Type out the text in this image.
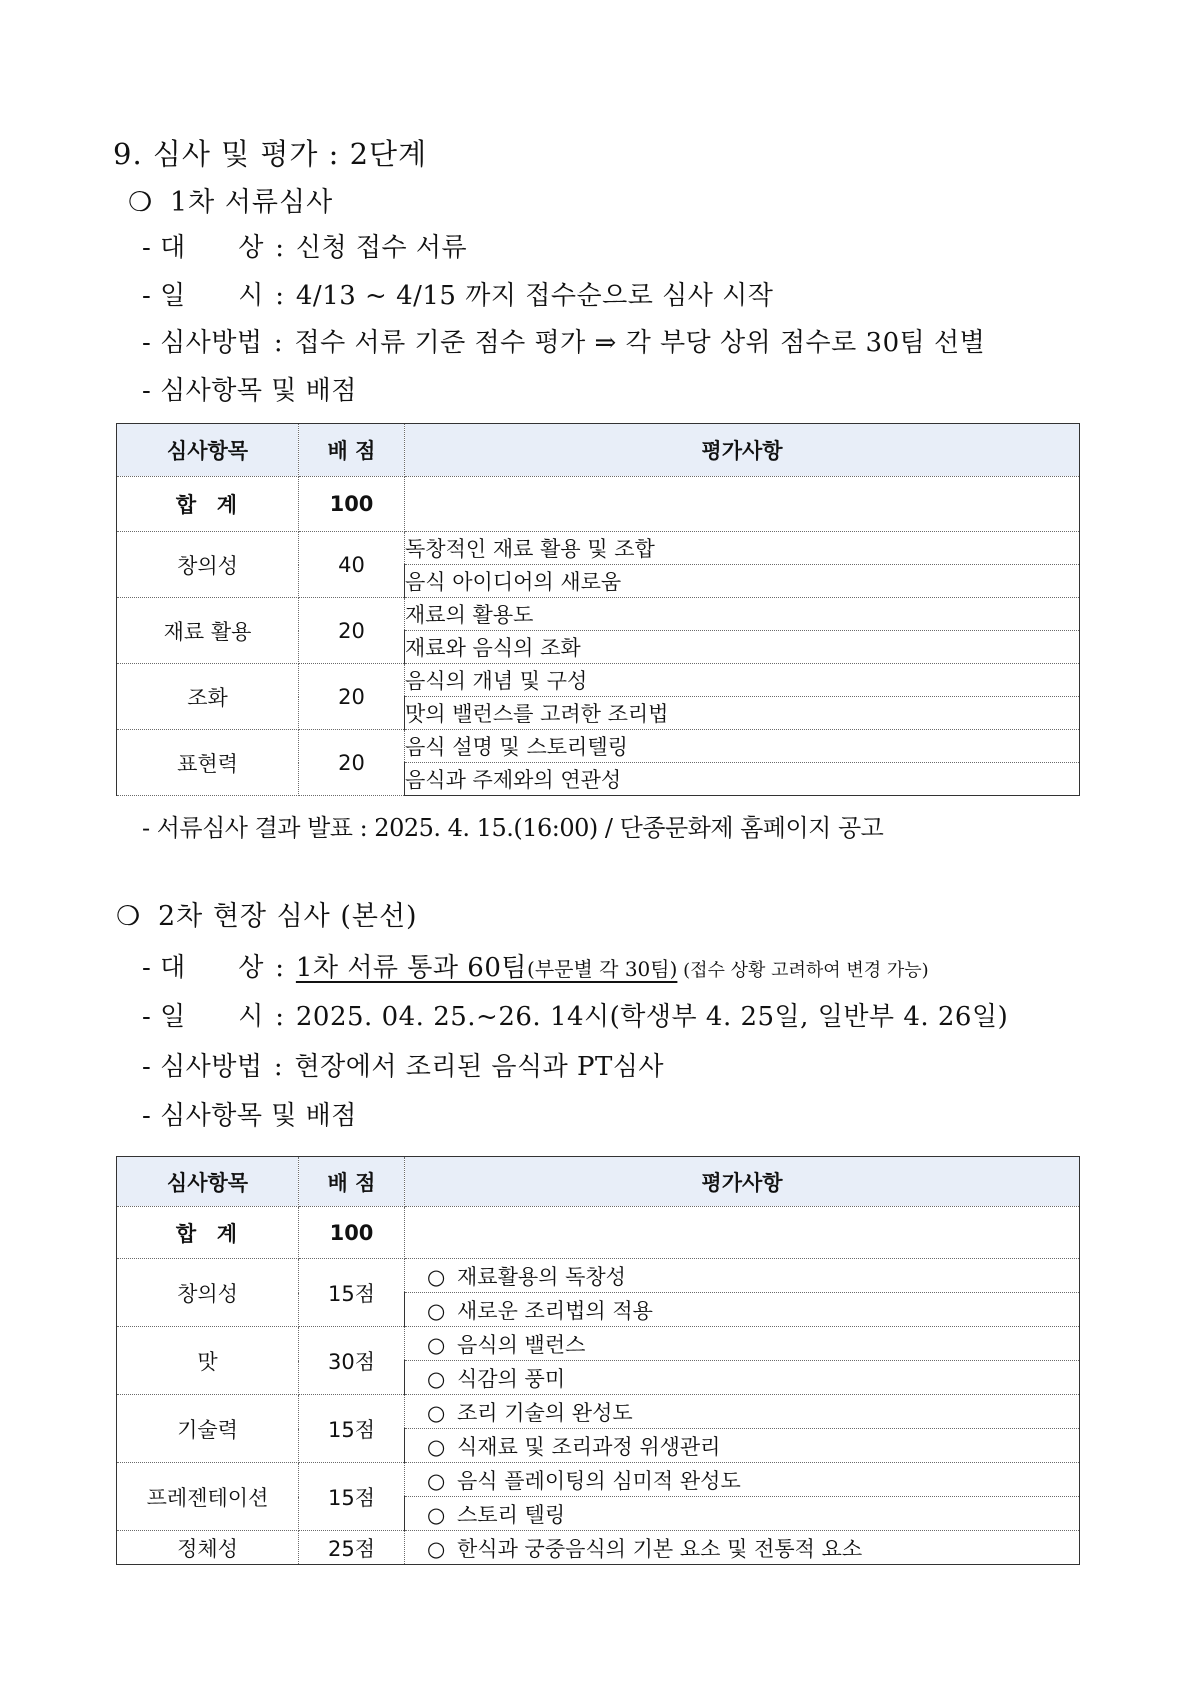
9. 심사 및 평가 : 2단계
❍ 1차 서류심사
- 대      상 : 신청 접수 서류
- 일      시 : 4/13 ~ 4/15 까지 접수순으로 심사 시작
- 심사방법 : 접수 서류 기준 점수 평가 ⇒ 각 부당 상위 점수로 30팀 선별
- 심사항목 및 배점
심사항목	배 점	평가사항
합  계	100	
창의성	40	독창적인 재료 활용 및 조합
		음식 아이디어의 새로움
재료 활용	20	재료의 활용도
		재료와 음식의 조화
조화	20	음식의 개념 및 구성
		맛의 밸런스를 고려한 조리법
표현력	20	음식 설명 및 스토리텔링
		음식과 주제와의 연관성
- 서류심사 결과 발표 : 2025. 4. 15.(16:00) / 단종문화제 홈페이지 공고
❍ 2차 현장 심사 (본선)
- 대      상 : 1차 서류 통과 60팀(부문별 각 30팀) (접수 상황 고려하여 변경 가능)
- 일      시 : 2025. 04. 25.~26. 14시(학생부 4. 25일, 일반부 4. 26일)
- 심사방법 : 현장에서 조리된 음식과 PT심사
- 심사항목 및 배점
심사항목	배 점	평가사항
합  계	100	
창의성	15점	○ 재료활용의 독창성
		○ 새로운 조리법의 적용
맛	30점	○ 음식의 밸런스
		○ 식감의 풍미
기술력	15점	○ 조리 기술의 완성도
		○ 식재료 및 조리과정 위생관리
프레젠테이션	15점	○ 음식 플레이팅의 심미적 완성도
		○ 스토리 텔링
정체성	25점	○ 한식과 궁중음식의 기본 요소 및 전통적 요소
